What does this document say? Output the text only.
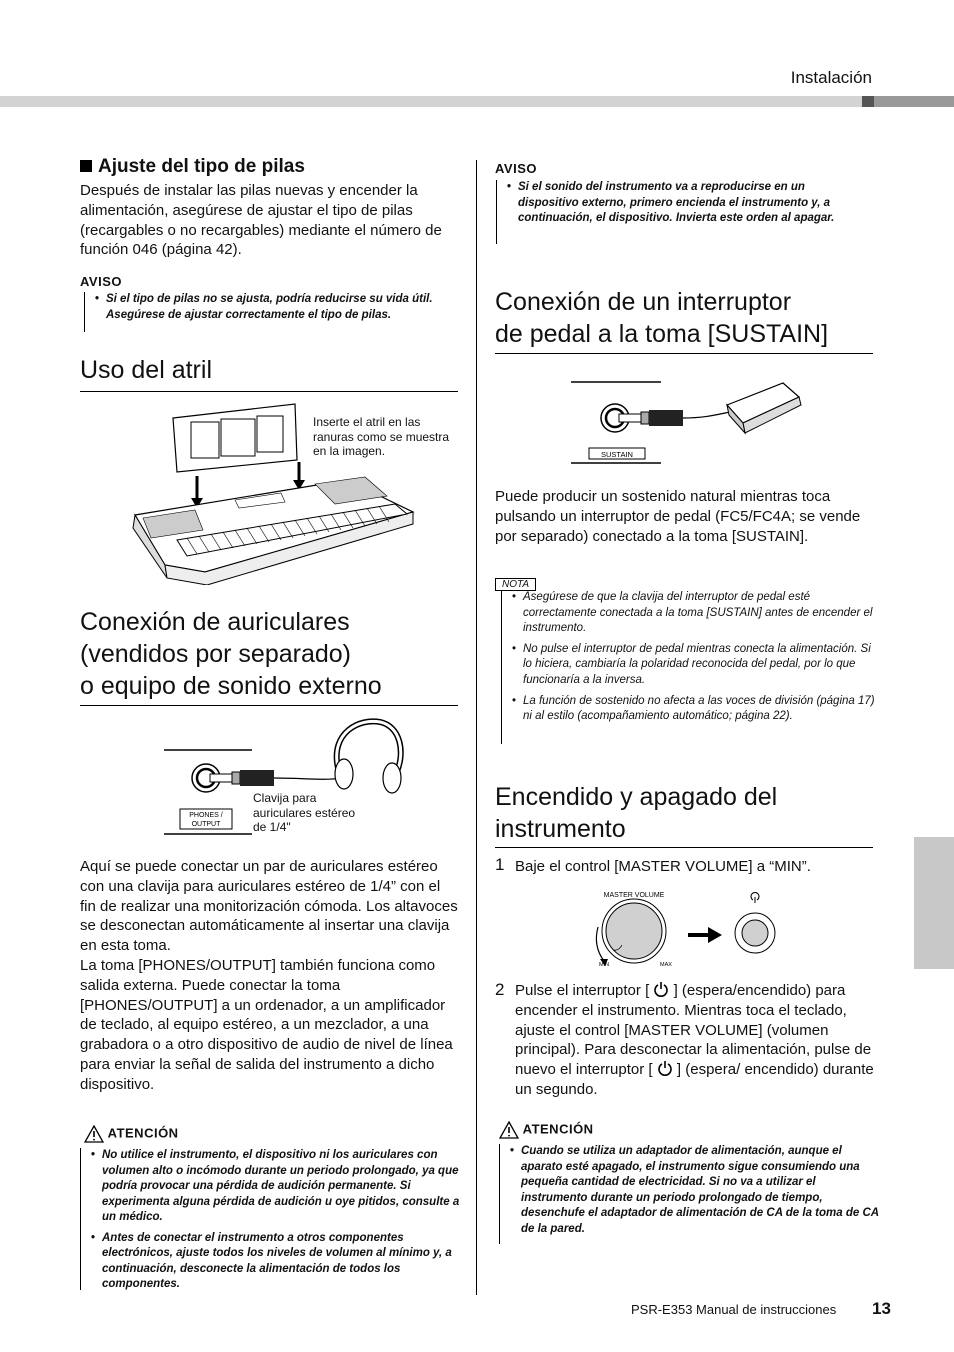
Instalación
Ajuste del tipo de pilas
Después de instalar las pilas nuevas y encender la alimentación, asegúrese de ajustar el tipo de pilas (recargables o no recargables) mediante el número de función 046 (página 42).
AVISO
• Si el tipo de pilas no se ajusta, podría reducirse su vida útil. Asegúrese de ajustar correctamente el tipo de pilas.
Uso del atril
Inserte el atril en las ranuras como se muestra en la imagen.
Conexión de auriculares
(vendidos por separado)
o equipo de sonido externo
PHONES /
OUTPUT
Clavija para auriculares estéreo de 1/4"
Aquí se puede conectar un par de auriculares estéreo con una clavija para auriculares estéreo de 1/4” con el fin de realizar una monitorización cómoda. Los altavoces se desconectan automáticamente al insertar una clavija en esta toma.
La toma [PHONES/OUTPUT] también funciona como salida externa. Puede conectar la toma [PHONES/OUTPUT] a un ordenador, a un amplificador de teclado, al equipo estéreo, a un mezclador, a una grabadora o a otro dispositivo de audio de nivel de línea para enviar la señal de salida del instrumento a dicho dispositivo.
ATENCIÓN
• No utilice el instrumento, el dispositivo ni los auriculares con volumen alto o incómodo durante un periodo prolongado, ya que podría provocar una pérdida de audición permanente. Si experimenta alguna pérdida de audición u oye pitidos, consulte a un médico.
• Antes de conectar el instrumento a otros componentes electrónicos, ajuste todos los niveles de volumen al mínimo y, a continuación, desconecte la alimentación de todos los componentes.
AVISO
• Si el sonido del instrumento va a reproducirse en un dispositivo externo, primero encienda el instrumento y, a continuación, el dispositivo. Invierta este orden al apagar.
Conexión de un interruptor
de pedal a la toma [SUSTAIN]
SUSTAIN
Puede producir un sostenido natural mientras toca pulsando un interruptor de pedal (FC5/FC4A; se vende por separado) conectado a la toma [SUSTAIN].
NOTA
• Asegúrese de que la clavija del interruptor de pedal esté correctamente conectada a la toma [SUSTAIN] antes de encender el instrumento.
• No pulse el interruptor de pedal mientras conecta la alimentación. Si lo hiciera, cambiaría la polaridad reconocida del pedal, por lo que funcionaría a la inversa.
• La función de sostenido no afecta a las voces de división (página 17) ni al estilo (acompañamiento automático; página 22).
Encendido y apagado del
instrumento
1 Baje el control [MASTER VOLUME] a “MIN”.
MASTER VOLUME
MIN	MAX
2 Pulse el interruptor [ ] (espera/encendido) para encender el instrumento. Mientras toca el teclado, ajuste el control [MASTER VOLUME] (volumen principal). Para desconectar la alimentación, pulse de nuevo el interruptor [ ] (espera/ encendido) durante un segundo.
ATENCIÓN
• Cuando se utiliza un adaptador de alimentación, aunque el aparato esté apagado, el instrumento sigue consumiendo una pequeña cantidad de electricidad. Si no va a utilizar el instrumento durante un periodo prolongado de tiempo, desenchufe el adaptador de alimentación de CA de la toma de CA de la pared.
PSR-E353 Manual de instrucciones 13
